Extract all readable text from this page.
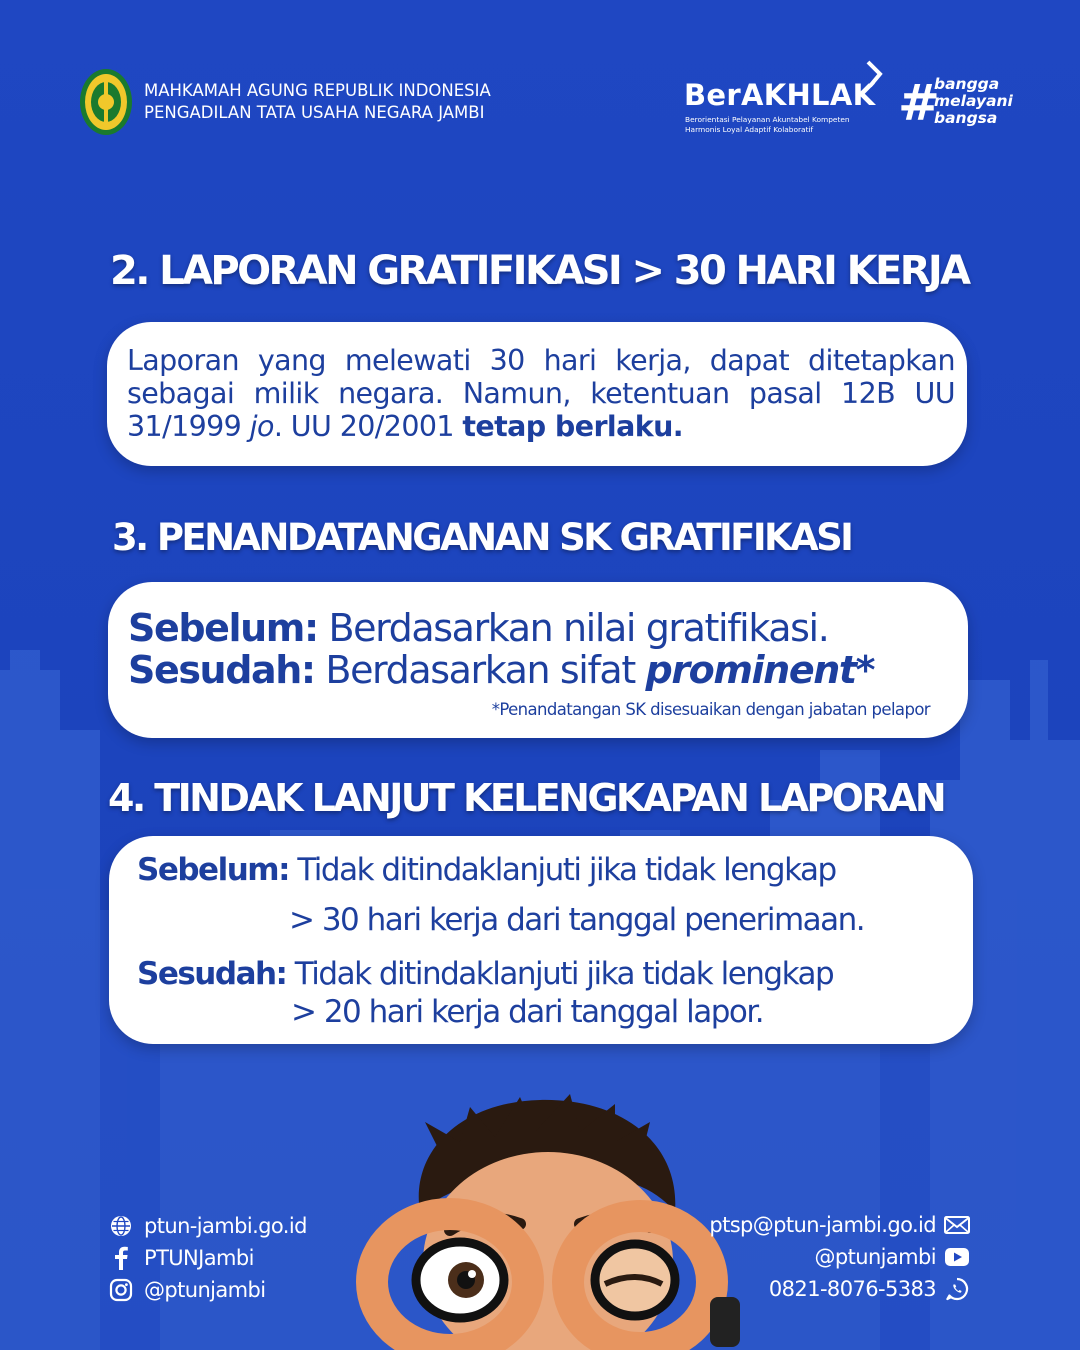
MAHKAMAH AGUNG REPUBLIK INDONESIA
PENGADILAN TATA USAHA NEGARA JAMBI
BerAKHLAK
Berorientasi Pelayanan Akuntabel Kompeten
Harmonis Loyal Adaptif Kolaboratif	#
bangga
melayani
bangsa
2. LAPORAN GRATIFIKASI > 30 HARI KERJA
Laporan yang melewati 30 hari kerja, dapat ditetapkan sebagai milik negara. Namun, ketentuan pasal 12B UU 31/1999 jo. UU 20/2001 tetap berlaku.
3. PENANDATANGANAN SK GRATIFIKASI
Sebelum: Berdasarkan nilai gratifikasi.
Sesudah: Berdasarkan sifat prominent*
*Penandatangan SK disesuaikan dengan jabatan pelapor
4. TINDAK LANJUT KELENGKAPAN LAPORAN
Sebelum: Tidak ditindaklanjuti jika tidak lengkap
> 30 hari kerja dari tanggal penerimaan.
Sesudah: Tidak ditindaklanjuti jika tidak lengkap
> 20 hari kerja dari tanggal lapor.
ptun-jambi.go.id
PTUNJambi
@ptunjambi
ptsp@ptun-jambi.go.id
@ptunjambi
0821-8076-5383
